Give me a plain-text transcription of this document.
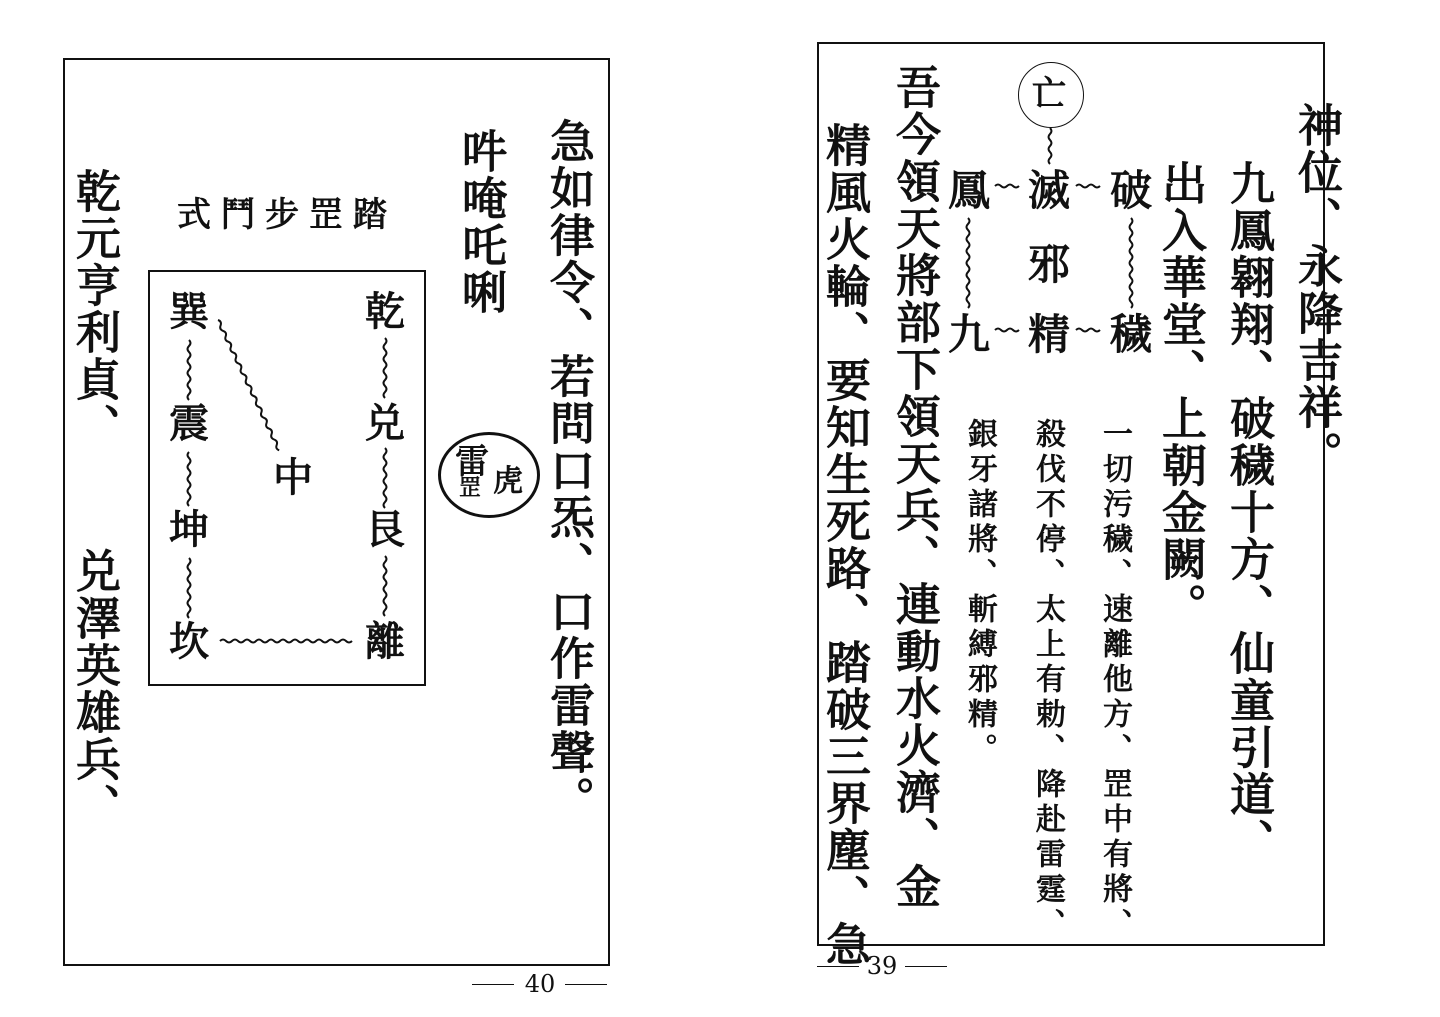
急如律令、若問口炁、口作雷聲。
吽唵吒唎
雷
罡 虎
踏罡步鬥式
乾
兑
艮
離
巽
震
坤
坎
中	神位、永降吉祥。
九鳳翱翔、破穢十方、仙童引道、
出入華堂、上朝金闕。
一切污穢、速離他方、罡中有將、
殺伐不停、太上有勅、降赴雷霆、
銀牙諸將、斬縛邪精。
亡
鳳 滅 破
邪
九 精 穢
吾今領天將部下領天兵、連動水火濟、金
精風火輪、要知生死路、踏破三界塵、急
乾元亨利貞、
兑澤英雄兵、
40
39
